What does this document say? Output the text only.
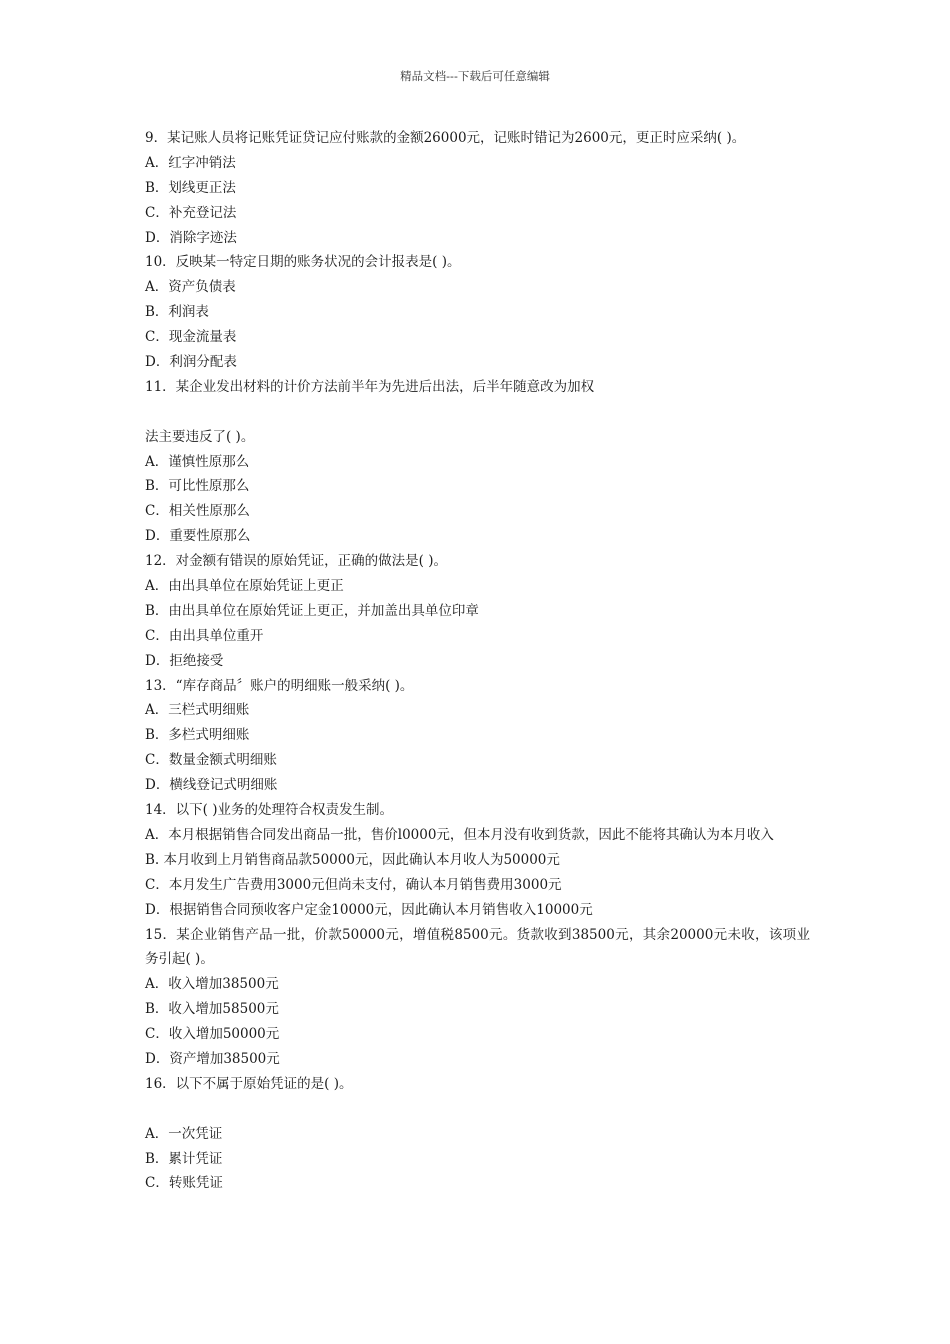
精品文档---下载后可任意编辑
9．某记账人员将记账凭证贷记应付账款的金额26000元，记账时错记为2600元，更正时应采纳( )。
A．红字冲销法
B．划线更正法
C．补充登记法
D．消除字迹法
10．反映某一特定日期的账务状况的会计报表是( )。
A．资产负债表
B．利润表
C．现金流量表
D．利润分配表
11．某企业发出材料的计价方法前半年为先进后出法，后半年随意改为加权
法主要违反了( )。
A．谨慎性原那么
B．可比性原那么
C．相关性原那么
D．重要性原那么
12．对金额有错误的原始凭证，正确的做法是( )。
A．由出具单位在原始凭证上更正
B．由出具单位在原始凭证上更正，并加盖出具单位印章
C．由出具单位重开
D．拒绝接受
13．“库存商品〞账户的明细账一般采纳( )。
A．三栏式明细账
B．多栏式明细账
C．数量金额式明细账
D．横线登记式明细账
14．以下( )业务的处理符合权责发生制。
A．本月根据销售合同发出商品一批，售价l0000元，但本月没有收到货款，因此不能将其确认为本月收入
B. 本月收到上月销售商品款50000元，因此确认本月收人为50000元
C．本月发生广告费用3000元但尚未支付，确认本月销售费用3000元
D．根据销售合同预收客户定金10000元，因此确认本月销售收入10000元
15．某企业销售产品一批，价款50000元，增值税8500元。货款收到38500元，其余20000元未收，该项业务引起( )。
A．收入增加38500元
B．收入增加58500元
C．收入增加50000元
D．资产增加38500元
16．以下不属于原始凭证的是( )。
A．一次凭证
B．累计凭证
C．转账凭证
